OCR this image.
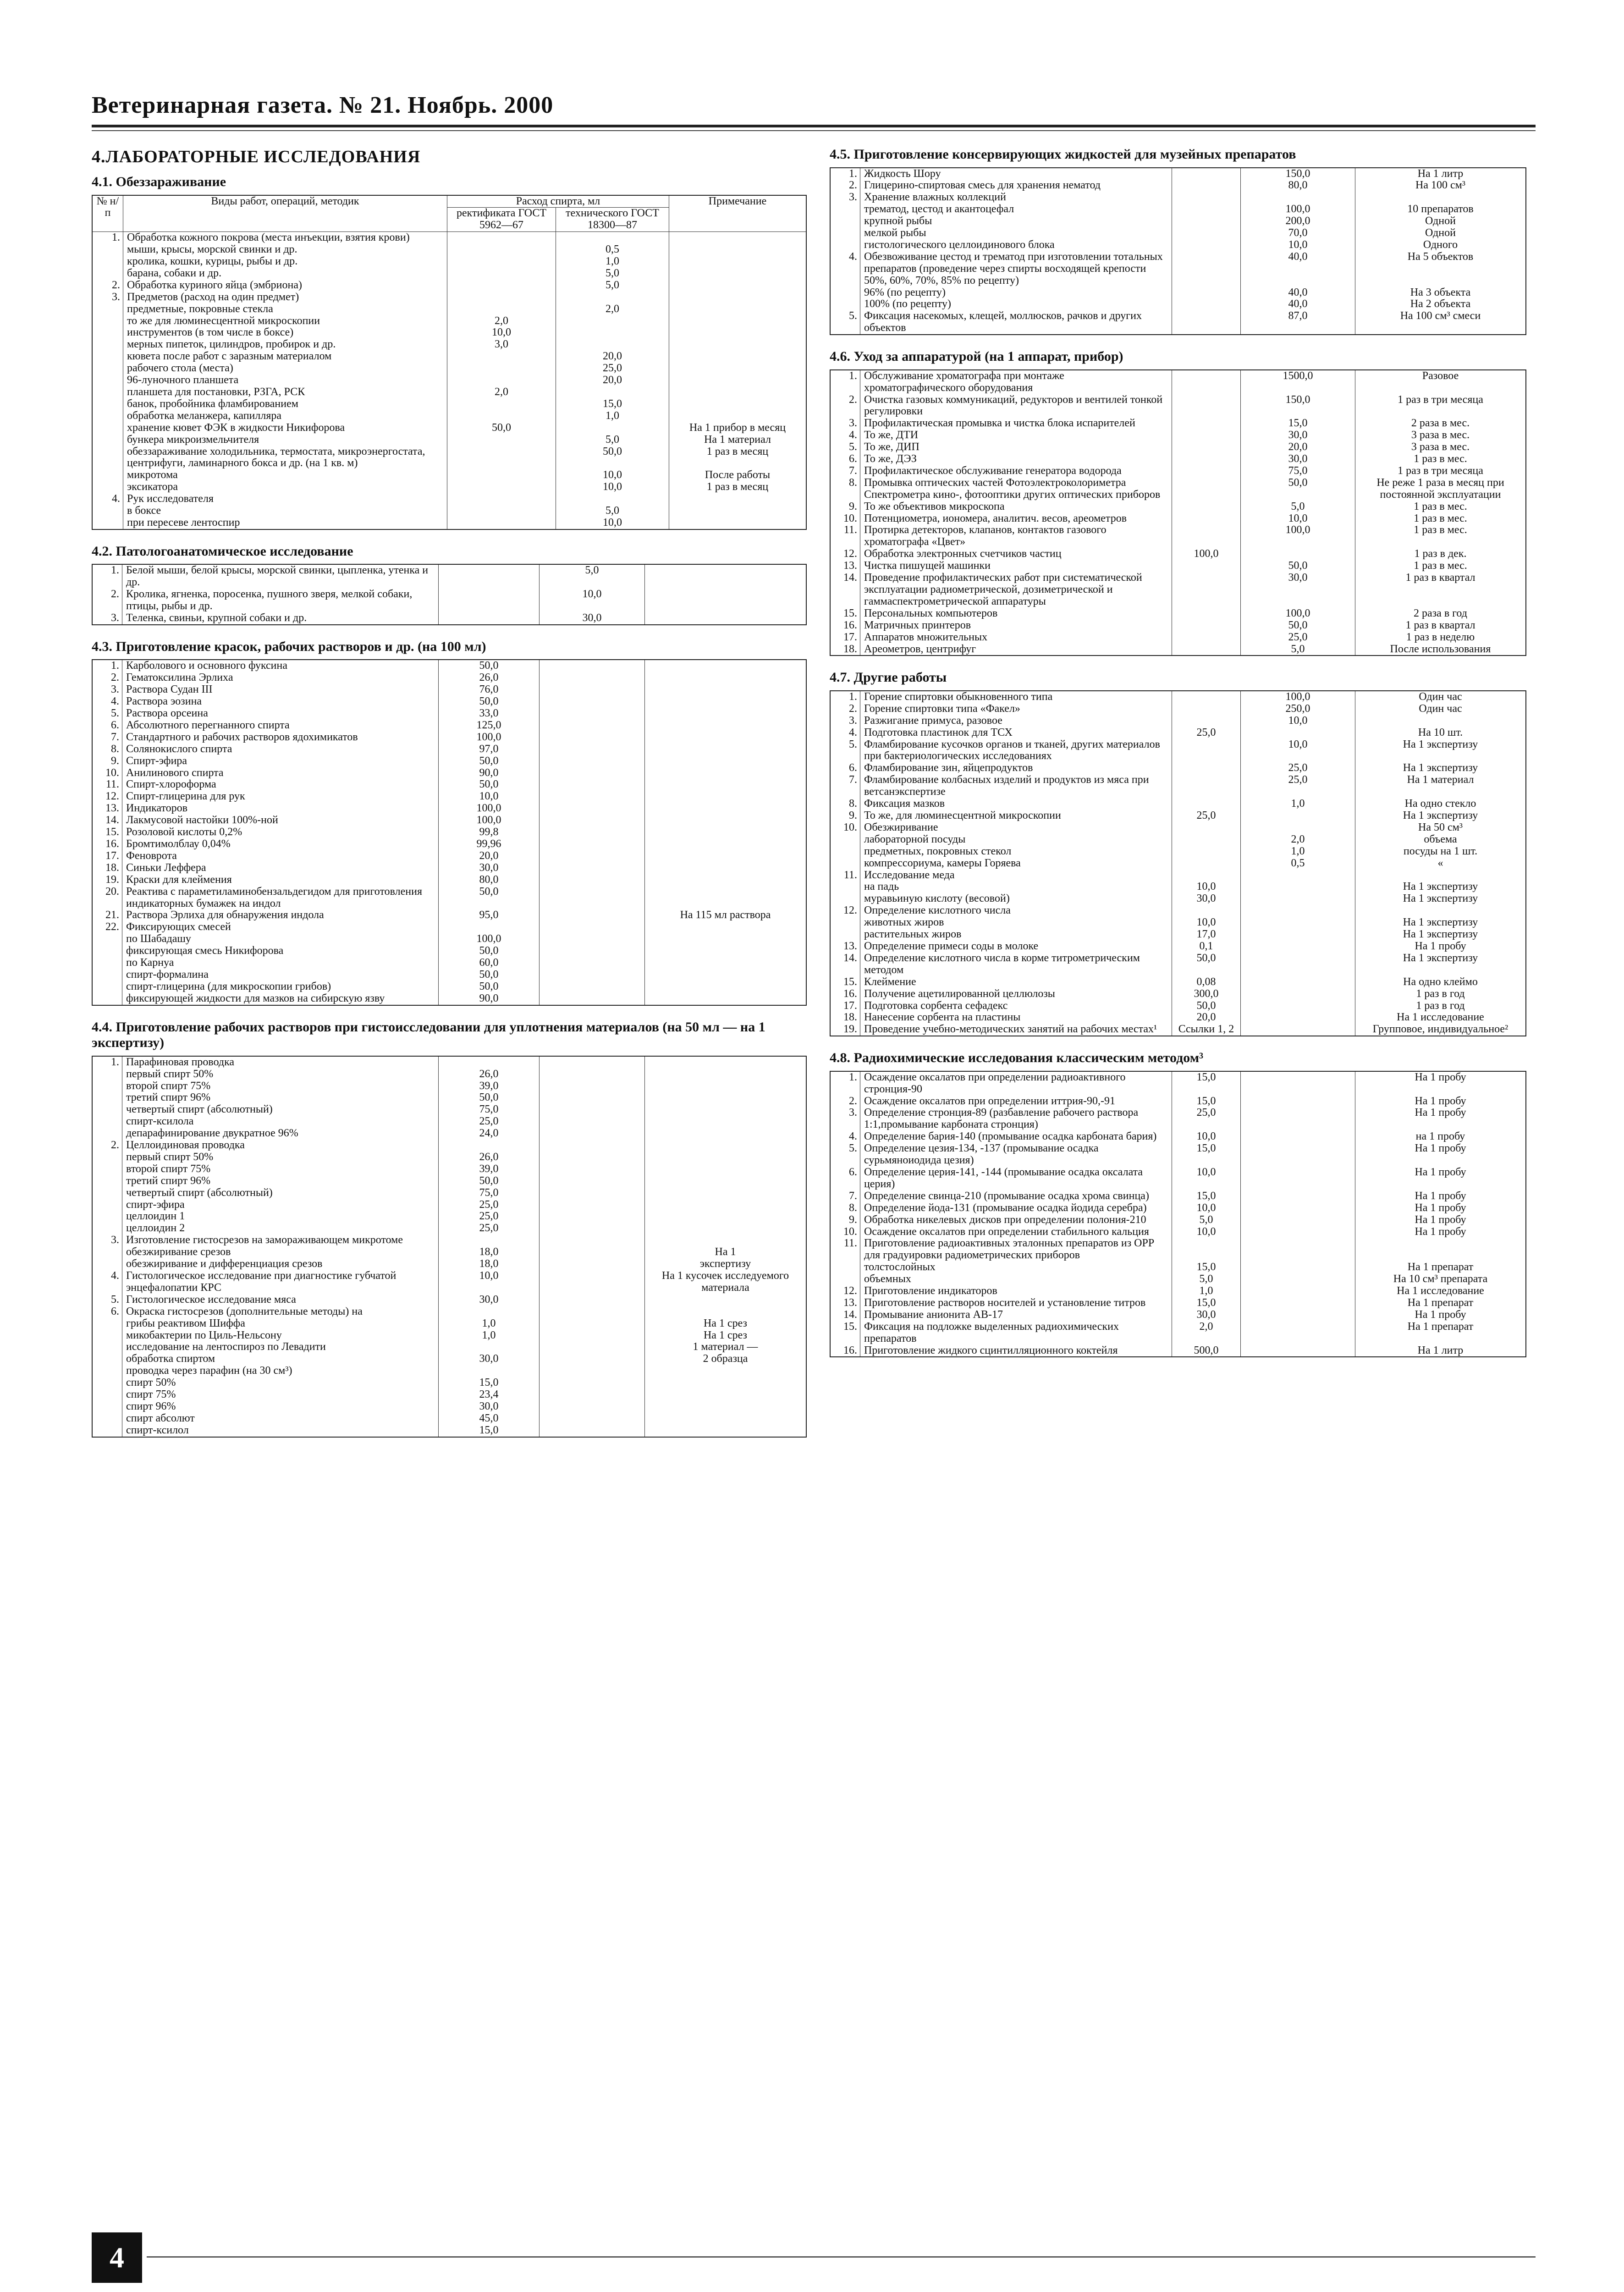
Ветеринарная газета. № 21. Ноябрь. 2000
4.ЛАБОРАТОРНЫЕ ИССЛЕДОВАНИЯ
4.1. Обеззараживание
№ н/п	Виды работ, операций, методик	Расход спирта, мл		Примечание
		ректификата ГОСТ 5962—67	технического ГОСТ 18300—87	
1.	Обработка кожного покрова (места инъекции, взятия крови)			
	мыши, крысы, морской свинки и др.		0,5	
	кролика, кошки, курицы, рыбы и др.		1,0	
	барана, собаки и др.		5,0	
2.	Обработка куриного яйца (эмбриона)		5,0	
3.	Предметов (расход на один предмет)			
	предметные, покровные стекла		2,0	
	то же для люминесцентной микроскопии	2,0		
	инструментов (в том числе в боксе)	10,0		
	мерных пипеток, цилиндров, пробирок и др.	3,0		
	кювета после работ с заразным материалом		20,0	
	рабочего стола (места)		25,0	
	96-луночного планшета		20,0	
	планшета для постановки, РЗГА, РСК	2,0		
	банок, пробойника фламбированием		15,0	
	обработка меланжера, капилляра		1,0	
	хранение кювет ФЭК в жидкости Никифорова	50,0		На 1 прибор в месяц
	бункера микроизмельчителя		5,0	На 1 материал
	обеззараживание холодильника, термостата, микроэнергостата, центрифуги, ламинарного бокса и др. (на 1 кв. м)		50,0	1 раз в месяц
	микротома		10,0	После работы
	эксикатора		10,0	1 раз в месяц
4.	Рук исследователя			
	в боксе		5,0	
	при пересеве лентоспир		10,0	
4.2. Патологоанатомическое исследование
1.	Белой мыши, белой крысы, морской свинки, цыпленка, утенка и др.		5,0	
2.	Кролика, ягненка, поросенка, пушного зверя, мелкой собаки, птицы, рыбы и др.		10,0	
3.	Теленка, свиньи, крупной собаки и др.		30,0	
4.3. Приготовление красок, рабочих растворов и др. (на 100 мл)
1.	Карболового и основного фуксина	50,0		
2.	Гематоксилина Эрлиха	26,0		
3.	Раствора Судан III	76,0		
4.	Раствора эозина	50,0		
5.	Раствора орсеина	33,0		
6.	Абсолютного перегнанного спирта	125,0		
7.	Стандартного и рабочих растворов ядохимикатов	100,0		
8.	Солянокислого спирта	97,0		
9.	Спирт-эфира	50,0		
10.	Анилинового спирта	90,0		
11.	Спирт-хлороформа	50,0		
12.	Спирт-глицерина для рук	10,0		
13.	Индикаторов	100,0		
14.	Лакмусовой настойки 100%-ной	100,0		
15.	Розоловой кислоты 0,2%	99,8		
16.	Бромтимолблау 0,04%	99,96		
17.	Феноврота	20,0		
18.	Синьки Леффера	30,0		
19.	Краски для клеймения	80,0		
20.	Реактива с параметиламинобензальдегидом для приготовления индикаторных бумажек на индол	50,0		
21.	Раствора Эрлиха для обнаружения индола	95,0		На 115 мл раствора
22.	Фиксирующих смесей			
	по Шабадашу	100,0		
	фиксирующая смесь Никифорова	50,0		
	по Карнуа	60,0		
	спирт-формалина	50,0		
	спирт-глицерина (для микроскопии грибов)	50,0		
	фиксирующей жидкости для мазков на сибирскую язву	90,0		
4.4. Приготовление рабочих растворов при гистоисследовании для уплотнения материалов (на 50 мл — на 1 экспертизу)
1.	Парафиновая проводка			
	первый спирт 50%	26,0		
	второй спирт 75%	39,0		
	третий спирт 96%	50,0		
	четвертый спирт (абсолютный)	75,0		
	спирт-ксилола	25,0		
	депарафинирование двукратное 96%	24,0		
2.	Целлоидиновая проводка			
	первый спирт 50%	26,0		
	второй спирт 75%	39,0		
	третий спирт 96%	50,0		
	четвертый спирт (абсолютный)	75,0		
	спирт-эфира	25,0		
	целлоидин 1	25,0		
	целлоидин 2	25,0		
3.	Изготовление гистосрезов на замораживающем микротоме			
	обезжиривание срезов	18,0		На 1
	обезжиривание и дифференциация срезов	18,0		экспертизу
4.	Гистологическое исследование при диагностике губчатой энцефалопатии КРС	10,0		На 1 кусочек исследуемого материала
5.	Гистологическое исследование мяса	30,0		
6.	Окраска гистосрезов (дополнительные методы) на			
	грибы реактивом Шиффа	1,0		На 1 срез
	микобактерии по Циль-Нельсону	1,0		На 1 срез
	исследование на лентоспироз по Левадити			1 материал —
	обработка спиртом	30,0		2 образца
	проводка через парафин (на 30 см³)			
	спирт 50%	15,0		
	спирт 75%	23,4		
	спирт 96%	30,0		
	спирт абсолют	45,0		
	спирт-ксилол	15,0		
4.5. Приготовление консервирующих жидкостей для музейных препаратов
1.	Жидкость Шору		150,0	На 1 литр
2.	Глицерино-спиртовая смесь для хранения нематод		80,0	На 100 см³
3.	Хранение влажных коллекций			
	трематод, цестод и акантоцефал		100,0	10 препаратов
	крупной рыбы		200,0	Одной
	мелкой рыбы		70,0	Одной
	гистологического целлоидинового блока		10,0	Одного
4.	Обезвоживание цестод и трематод при изготовлении тотальных препаратов (проведение через спирты восходящей крепости 50%, 60%, 70%, 85% по рецепту)		40,0	На 5 объектов
	96% (по рецепту)		40,0	На 3 объекта
	100% (по рецепту)		40,0	На 2 объекта
5.	Фиксация насекомых, клещей, моллюсков, рачков и других объектов		87,0	На 100 см³ смеси
4.6. Уход за аппаратурой (на 1 аппарат, прибор)
1.	Обслуживание хроматографа при монтаже хроматографического оборудования		1500,0	Разовое
2.	Очистка газовых коммуникаций, редукторов и вентилей тонкой регулировки		150,0	1 раз в три месяца
3.	Профилактическая промывка и чистка блока испарителей		15,0	2 раза в мес.
4.	То же, ДТИ		30,0	3 раза в мес.
5.	То же, ДИП		20,0	3 раза в мес.
6.	То же, ДЭЗ		30,0	1 раз в мес.
7.	Профилактическое обслуживание генератора водорода		75,0	1 раз в три месяца
8.	Промывка оптических частей Фотоэлектроколориметра Спектрометра кино-, фотооптики других оптических приборов		50,0	Не реже 1 раза в месяц при постоянной эксплуатации
9.	То же объективов микроскопа		5,0	1 раз в мес.
10.	Потенциометра, иономера, аналитич. весов, ареометров		10,0	1 раз в мес.
11.	Протирка детекторов, клапанов, контактов газового хроматографа «Цвет»		100,0	1 раз в мес.
12.	Обработка электронных счетчиков частиц	100,0		1 раз в дек.
13.	Чистка пишущей машинки		50,0	1 раз в мес.
14.	Проведение профилактических работ при систематической эксплуатации радиометрической, дозиметрической и гаммаспектрометрической аппаратуры		30,0	1 раз в квартал
15.	Персональных компьютеров		100,0	2 раза в год
16.	Матричных принтеров		50,0	1 раз в квартал
17.	Аппаратов множительных		25,0	1 раз в неделю
18.	Ареометров, центрифуг		5,0	После использования
4.7. Другие работы
1.	Горение спиртовки обыкновенного типа		100,0	Один час
2.	Горение спиртовки типа «Факел»		250,0	Один час
3.	Разжигание примуса, разовое		10,0	
4.	Подготовка пластинок для ТСХ	25,0		На 10 шт.
5.	Фламбирование кусочков органов и тканей, других материалов при бактериологических исследованиях		10,0	На 1 экспертизу
6.	Фламбирование зин, яйцепродуктов		25,0	На 1 экспертизу
7.	Фламбирование колбасных изделий и продуктов из мяса при ветсанэкспертизе		25,0	На 1 материал
8.	Фиксация мазков		1,0	На одно стекло
9.	То же, для люминесцентной микроскопии	25,0		На 1 экспертизу
10.	Обезжиривание			На 50 см³
	лабораторной посуды		2,0	объема
	предметных, покровных стекол		1,0	посуды на 1 шт.
	компрессориума, камеры Горяева		0,5	«
11.	Исследование меда			
	на падь	10,0		На 1 экспертизу
	муравьиную кислоту (весовой)	30,0		На 1 экспертизу
12.	Определение кислотного числа			
	животных жиров	10,0		На 1 экспертизу
	растительных жиров	17,0		На 1 экспертизу
13.	Определение примеси соды в молоке	0,1		На 1 пробу
14.	Определение кислотного числа в корме титрометрическим методом	50,0		На 1 экспертизу
15.	Клеймение	0,08		На одно клеймо
16.	Получение ацетилированной целлюлозы	300,0		1 раз в год
17.	Подготовка сорбента сефадекс	50,0		1 раз в год
18.	Нанесение сорбента на пластины	20,0		На 1 исследование
19.	Проведение учебно-методических занятий на рабочих местах¹	Ссылки 1, 2		Групповое, индивидуальное²
4.8. Радиохимические исследования классическим методом³
1.	Осаждение оксалатов при определении радиоактивного стронция-90	15,0		На 1 пробу
2.	Осаждение оксалатов при определении иттрия-90,-91	15,0		На 1 пробу
3.	Определение стронция-89 (разбавление рабочего раствора 1:1,промывание карбоната стронция)	25,0		На 1 пробу
4.	Определение бария-140 (промывание осадка карбоната бария)	10,0		на 1 пробу
5.	Определение цезия-134, -137 (промывание осадка сурьмяноиодида цезия)	15,0		На 1 пробу
6.	Определение церия-141, -144 (промывание осадка оксалата церия)	10,0		На 1 пробу
7.	Определение свинца-210 (промывание осадка хрома свинца)	15,0		На 1 пробу
8.	Определение йода-131 (промывание осадка йодида серебра)	10,0		На 1 пробу
9.	Обработка никелевых дисков при определении полония-210	5,0		На 1 пробу
10.	Осаждение оксалатов при определении стабильного кальция	10,0		На 1 пробу
11.	Приготовление радиоактивных эталонных препаратов из ОРР для градуировки радиометрических приборов			
	толстослойных	15,0		На 1 препарат
	объемных	5,0		На 10 см³ препарата
12.	Приготовление индикаторов	1,0		На 1 исследование
13.	Приготовление растворов носителей и установление титров	15,0		На 1 препарат
14.	Промывание анионита АВ-17	30,0		На 1 пробу
15.	Фиксация на подложке выделенных радиохимических препаратов	2,0		На 1 препарат
16.	Приготовление жидкого сцинтилляционного коктейля	500,0		На 1 литр
4
